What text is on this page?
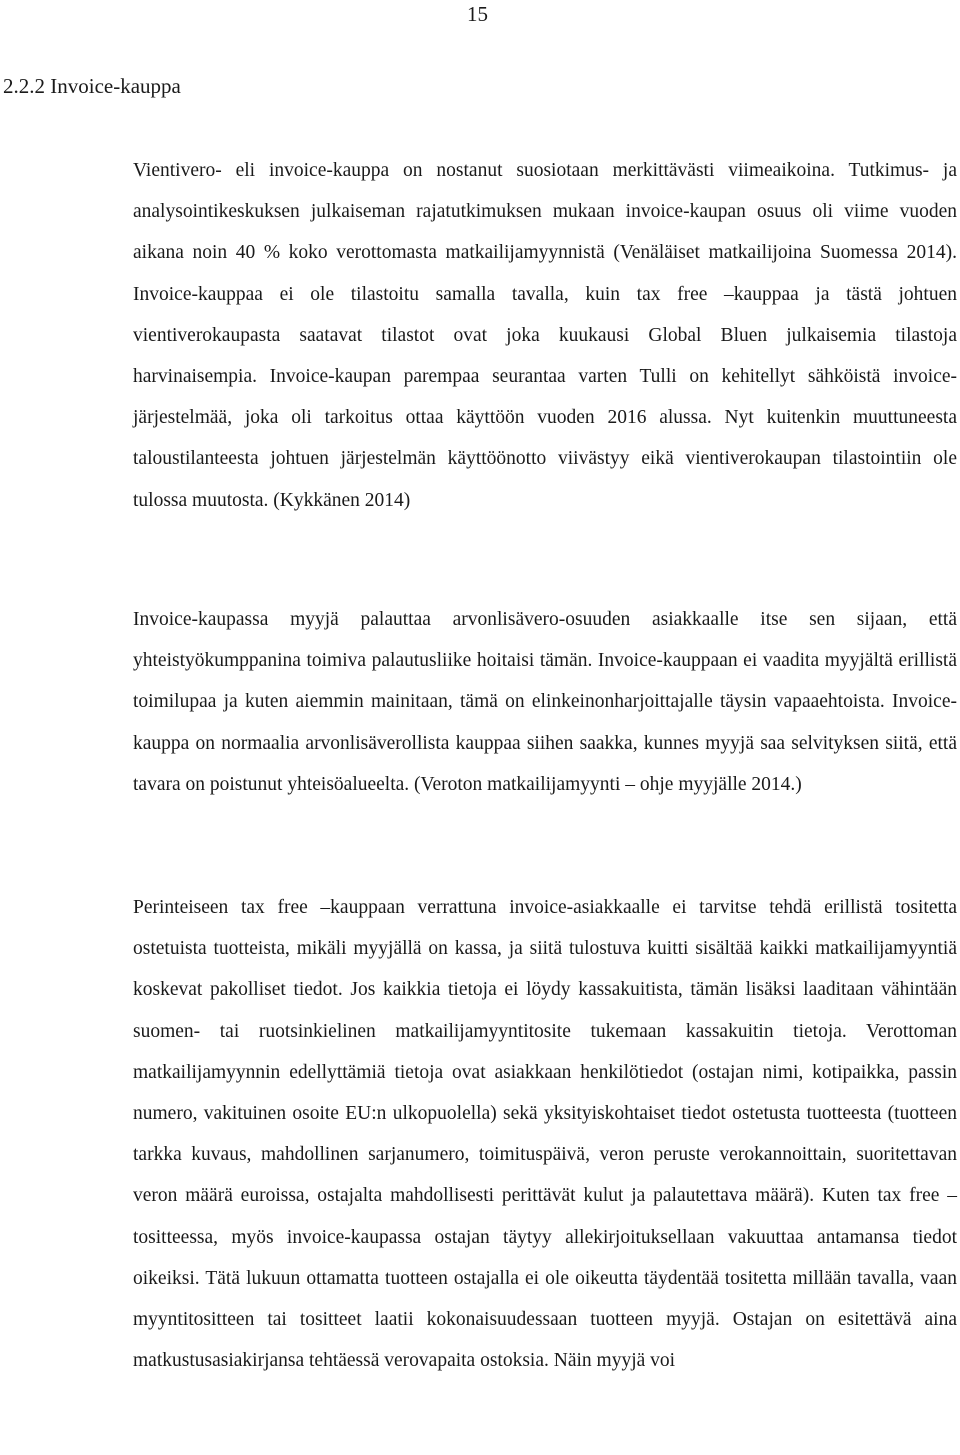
15
2.2.2 Invoice-kauppa

Vientivero- eli invoice-kauppa on nostanut suosiotaan merkittävästi viimeaikoina. Tutkimus- ja analysointikeskuksen julkaiseman rajatutkimuksen mukaan invoice-kaupan osuus oli viime vuoden aikana noin 40 % koko verottomasta matkailijamyynnistä (Venäläiset matkailijoina Suomessa 2014). Invoice-kauppaa ei ole tilastoitu samalla tavalla, kuin tax free –kauppaa ja tästä johtuen vientiverokaupasta saatavat tilastot ovat joka kuukausi Global Bluen julkaisemia tilastoja harvinaisempia. Invoice-kaupan parempaa seurantaa varten Tulli on kehitellyt sähköistä invoice-järjestelmää, joka oli tarkoitus ottaa käyttöön vuoden 2016 alussa. Nyt kuitenkin muuttuneesta taloustilanteesta johtuen järjestelmän käyttöönotto viivästyy eikä vientiverokaupan tilastointiin ole tulossa muutosta. (Kykkänen 2014)

Invoice-kaupassa myyjä palauttaa arvonlisävero-osuuden asiakkaalle itse sen sijaan, että yhteistyökumppanina toimiva palautusliike hoitaisi tämän. Invoice-kauppaan ei vaadita myyjältä erillistä toimilupaa ja kuten aiemmin mainitaan, tämä on elinkeinonharjoittajalle täysin vapaaehtoista. Invoice-kauppa on normaalia arvonlisäverollista kauppaa siihen saakka, kunnes myyjä saa selvityksen siitä, että tavara on poistunut yhteisöalueelta. (Veroton matkailijamyynti – ohje myyjälle 2014.)

Perinteiseen tax free –kauppaan verrattuna invoice-asiakkaalle ei tarvitse tehdä erillistä tositetta ostetuista tuotteista, mikäli myyjällä on kassa, ja siitä tulostuva kuitti sisältää kaikki matkailijamyyntiä koskevat pakolliset tiedot. Jos kaikkia tietoja ei löydy kassakuitista, tämän lisäksi laaditaan vähintään suomen- tai ruotsinkielinen matkailijamyyntitosite tukemaan kassakuitin tietoja. Verottoman matkailijamyynnin edellyttämiä tietoja ovat asiakkaan henkilötiedot (ostajan nimi, kotipaikka, passin numero, vakituinen osoite EU:n ulkopuolella) sekä yksityiskohtaiset tiedot ostetusta tuotteesta (tuotteen tarkka kuvaus, mahdollinen sarjanumero, toimituspäivä, veron peruste verokannoittain, suoritettavan veron määrä euroissa, ostajalta mahdollisesti perittävät kulut ja palautettava määrä). Kuten tax free –tositteessa, myös invoice-kaupassa ostajan täytyy allekirjoituksellaan vakuuttaa antamansa tiedot oikeiksi. Tätä lukuun ottamatta tuotteen ostajalla ei ole oikeutta täydentää tositetta millään tavalla, vaan myyntitositteen tai tositteet laatii kokonaisuudessaan tuotteen myyjä. Ostajan on esitettävä aina matkustusasiakirjansa tehtäessä verovapaita ostoksia. Näin myyjä voi
